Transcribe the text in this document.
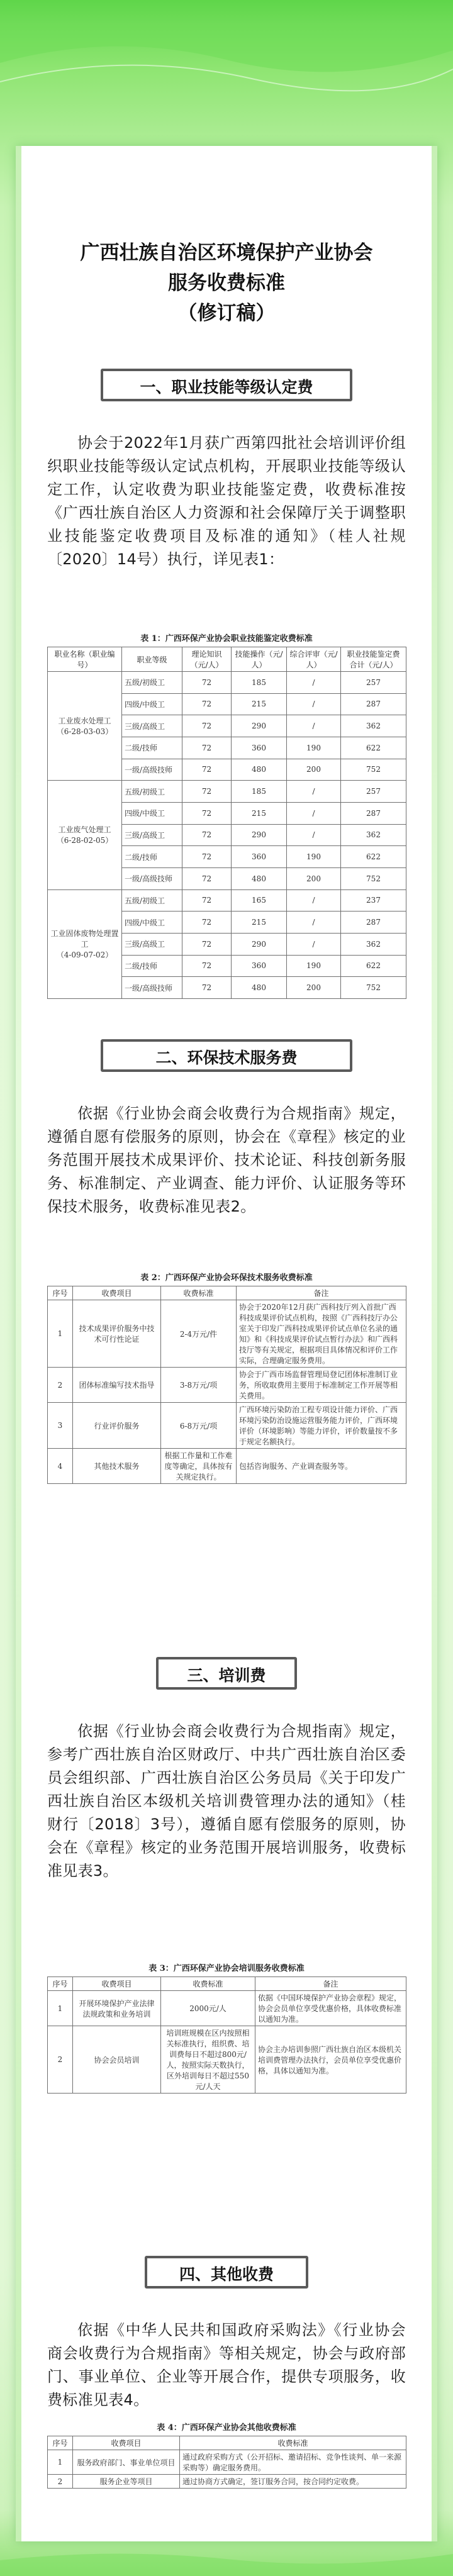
广西壮族自治区环境保护产业协会
服务收费标准
（修订稿）
一、职业技能等级认定费
协会于2022年1月获广西第四批社会培训评价组织职业技能等级认定试点机构，开展职业技能等级认定工作，认定收费为职业技能鉴定费，收费标准按《广西壮族自治区人力资源和社会保障厅关于调整职业技能鉴定收费项目及标准的通知》（桂人社规〔2020〕14号）执行，详见表1：
表 1：广西环保产业协会职业技能鉴定收费标准
职业名称（职业编号）	职业等级	理论知识（元/人）	技能操作（元/人）	综合评审（元/人）	职业技能鉴定费合计（元/人）

工业废水处理工
（6-28-03-03）	五级/初级工	72	185	/	257
	四级/中级工	72	215	/	287
	三级/高级工	72	290	/	362
	二级/技师	72	360	190	622
	一级/高级技师	72	480	200	752

工业废气处理工
（6-28-02-05）	五级/初级工	72	185	/	257
	四级/中级工	72	215	/	287
	三级/高级工	72	290	/	362
	二级/技师	72	360	190	622
	一级/高级技师	72	480	200	752

工业固体废物处理置工
（4-09-07-02）	五级/初级工	72	165	/	237
	四级/中级工	72	215	/	287
	三级/高级工	72	290	/	362
	二级/技师	72	360	190	622
	一级/高级技师	72	480	200	752
二、环保技术服务费
依据《行业协会商会收费行为合规指南》规定，遵循自愿有偿服务的原则，协会在《章程》核定的业务范围开展技术成果评价、技术论证、科技创新务服务、标准制定、产业调查、能力评价、认证服务等环保技术服务，收费标准见表2。
表 2：广西环保产业协会环保技术服务收费标准
序号	收费项目	收费标准	备注
1	技术成果评价服务中技术可行性论证	2-4万元/件	协会于2020年12月获广西科技厅列入首批广西科技成果评价试点机构，按照《广西科技厅办公室关于印发广西科技成果评价试点单位名录的通知》和《科技成果评价试点暂行办法》和广西科技厅等有关规定，根据项目具体情况和评价工作实际，合理确定服务费用。
2	团体标准编写技术指导	3-8万元/项	协会于广西市场监督管理局登记团体标准制订业务，所收取费用主要用于标准制定工作开展等相关费用。
3	行业评价服务	6-8万元/项	广西环境污染防治工程专项设计能力评价、广西环境污染防治设施运营服务能力评价，广西环境评价（环境影响）等能力评价，评价数量按不多于规定名额执行。
4	其他技术服务	根据工作量和工作难度等确定，具体按有关规定执行。	包括咨询服务、产业调查服务等。
三、培训费
依据《行业协会商会收费行为合规指南》规定，参考广西壮族自治区财政厅、中共广西壮族自治区委员会组织部、广西壮族自治区公务员局《关于印发广西壮族自治区本级机关培训费管理办法的通知》（桂财行〔2018〕3号），遵循自愿有偿服务的原则，协会在《章程》核定的业务范围开展培训服务，收费标准见表3。
表 3：广西环保产业协会培训服务收费标准
序号	收费项目	收费标准	备注
1	开展环境保护产业法律法规政策和业务培训	2000元/人	依据《中国环境保护产业协会章程》规定，协会会员单位享受优惠价格，具体收费标准以通知为准。
2	协会会员培训	培训班规模在区内按照相关标准执行，组织费、培训费每日不超过800元/人，按照实际天数执行，区外培训每日不超过550元/人天	协会主办培训参照广西壮族自治区本级机关培训费管理办法执行，会员单位享受优惠价格，具体以通知为准。
四、其他收费
依据《中华人民共和国政府采购法》《行业协会商会收费行为合规指南》等相关规定，协会与政府部门、事业单位、企业等开展合作，提供专项服务，收费标准见表4。
表 4：广西环保产业协会其他收费标准
序号	收费项目	收费标准
1	服务政府部门、事业单位项目	通过政府采购方式（公开招标、邀请招标、竞争性谈判、单一来源采购等）确定服务费用。
2	服务企业等项目	通过协商方式确定，签订服务合同，按合同约定收费。
